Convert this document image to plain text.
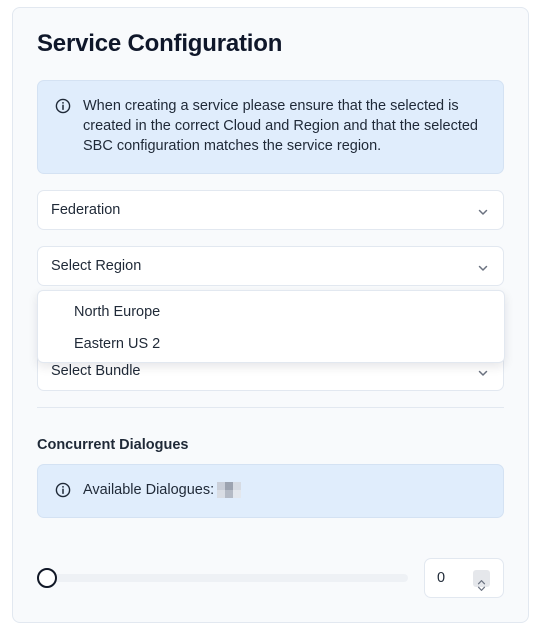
Service Configuration

When creating a service please ensure that the selected is created in the correct Cloud and Region and that the selected SBC configuration matches the service region.

Federation
Select Region
Select Bundle
North Europe
Eastern US 2
Concurrent Dialogues
Available Dialogues:
0
